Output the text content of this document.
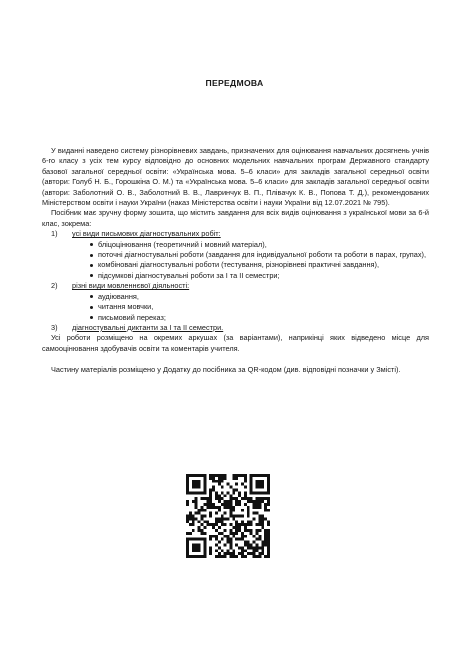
ПЕРЕДМОВА

У виданні наведено систему різнорівневих завдань, призначених для оцінювання навчальних досягнень учнів 6-го класу з усіх тем курсу відповідно до основних модельних навчальних програм Державного стандарту базової загальної середньої освіти: «Українська мова. 5–6 класи» для закладів загальної середньої освіти (автори: Голуб Н. Б., Горошкіна О. М.) та «Українська мова. 5–6 класи» для закладів загальної середньої освіти (автори: Заболотний О. В., Заболотний В. В., Лавринчук В. П., Плівачук К. В., Попова Т. Д.), рекомендованих Міністерством освіти і науки України (наказ Міністерства освіти і науки України від 12.07.2021 № 795).

Посібник має зручну форму зошита, що містить завдання для всіх видів оцінювання з української мови за 6-й клас, зокрема:

1) усі види письмових діагностувальних робіт:

бліцоцінювання (теоретичний і мовний матеріал),

поточні діагностувальні роботи (завдання для індивідуальної роботи та роботи в парах, групах),

комбіновані діагностувальні роботи (тестування, різнорівневі практичні завдання),

підсумкові діагностувальні роботи за І та ІІ семестри;

2) різні види мовленнєвої діяльності:

аудіювання,

читання мовчки,

письмовий переказ;

3) діагностувальні диктанти за І та ІІ семестри.

Усі роботи розміщено на окремих аркушах (за варіантами), наприкінці яких відведено місце для самооцінювання здобувачів освіти та коментарів учителя.

Частину матеріалів розміщено у Додатку до посібника за QR-кодом (див. відповідні позначки у Змісті).
